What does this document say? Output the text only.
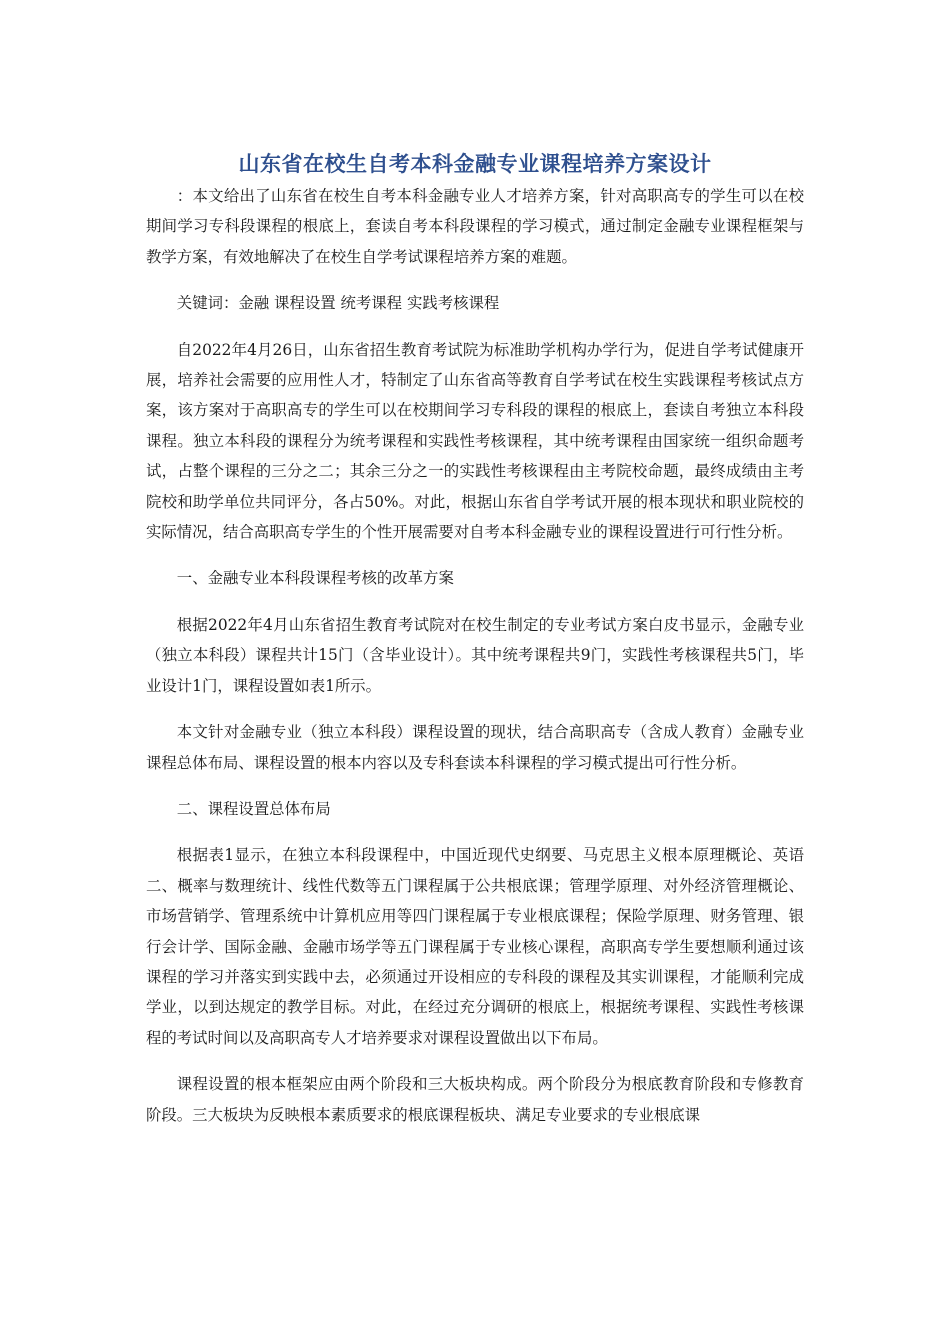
山东省在校生自考本科金融专业课程培养方案设计

：本文给出了山东省在校生自考本科金融专业人才培养方案，针对高职高专的学生可以在校期间学习专科段课程的根底上，套读自考本科段课程的学习模式，通过制定金融专业课程框架与教学方案，有效地解决了在校生自学考试课程培养方案的难题。

关键词：金融 课程设置 统考课程 实践考核课程

自2022年4月26日，山东省招生教育考试院为标准助学机构办学行为，促进自学考试健康开展，培养社会需要的应用性人才，特制定了山东省高等教育自学考试在校生实践课程考核试点方案，该方案对于高职高专的学生可以在校期间学习专科段的课程的根底上，套读自考独立本科段课程。独立本科段的课程分为统考课程和实践性考核课程，其中统考课程由国家统一组织命题考试，占整个课程的三分之二；其余三分之一的实践性考核课程由主考院校命题，最终成绩由主考院校和助学单位共同评分，各占50%。对此，根据山东省自学考试开展的根本现状和职业院校的实际情况，结合高职高专学生的个性开展需要对自考本科金融专业的课程设置进行可行性分析。

一、金融专业本科段课程考核的改革方案

根据2022年4月山东省招生教育考试院对在校生制定的专业考试方案白皮书显示，金融专业（独立本科段）课程共计15门（含毕业设计）。其中统考课程共9门，实践性考核课程共5门，毕业设计1门，课程设置如表1所示。

本文针对金融专业（独立本科段）课程设置的现状，结合高职高专（含成人教育）金融专业课程总体布局、课程设置的根本内容以及专科套读本科课程的学习模式提出可行性分析。

二、课程设置总体布局

根据表1显示，在独立本科段课程中，中国近现代史纲要、马克思主义根本原理概论、英语二、概率与数理统计、线性代数等五门课程属于公共根底课；管理学原理、对外经济管理概论、市场营销学、管理系统中计算机应用等四门课程属于专业根底课程；保险学原理、财务管理、银行会计学、国际金融、金融市场学等五门课程属于专业核心课程，高职高专学生要想顺利通过该课程的学习并落实到实践中去，必须通过开设相应的专科段的课程及其实训课程，才能顺利完成学业，以到达规定的教学目标。对此，在经过充分调研的根底上，根据统考课程、实践性考核课程的考试时间以及高职高专人才培养要求对课程设置做出以下布局。

课程设置的根本框架应由两个阶段和三大板块构成。两个阶段分为根底教育阶段和专修教育阶段。三大板块为反映根本素质要求的根底课程板块、满足专业要求的专业根底课
